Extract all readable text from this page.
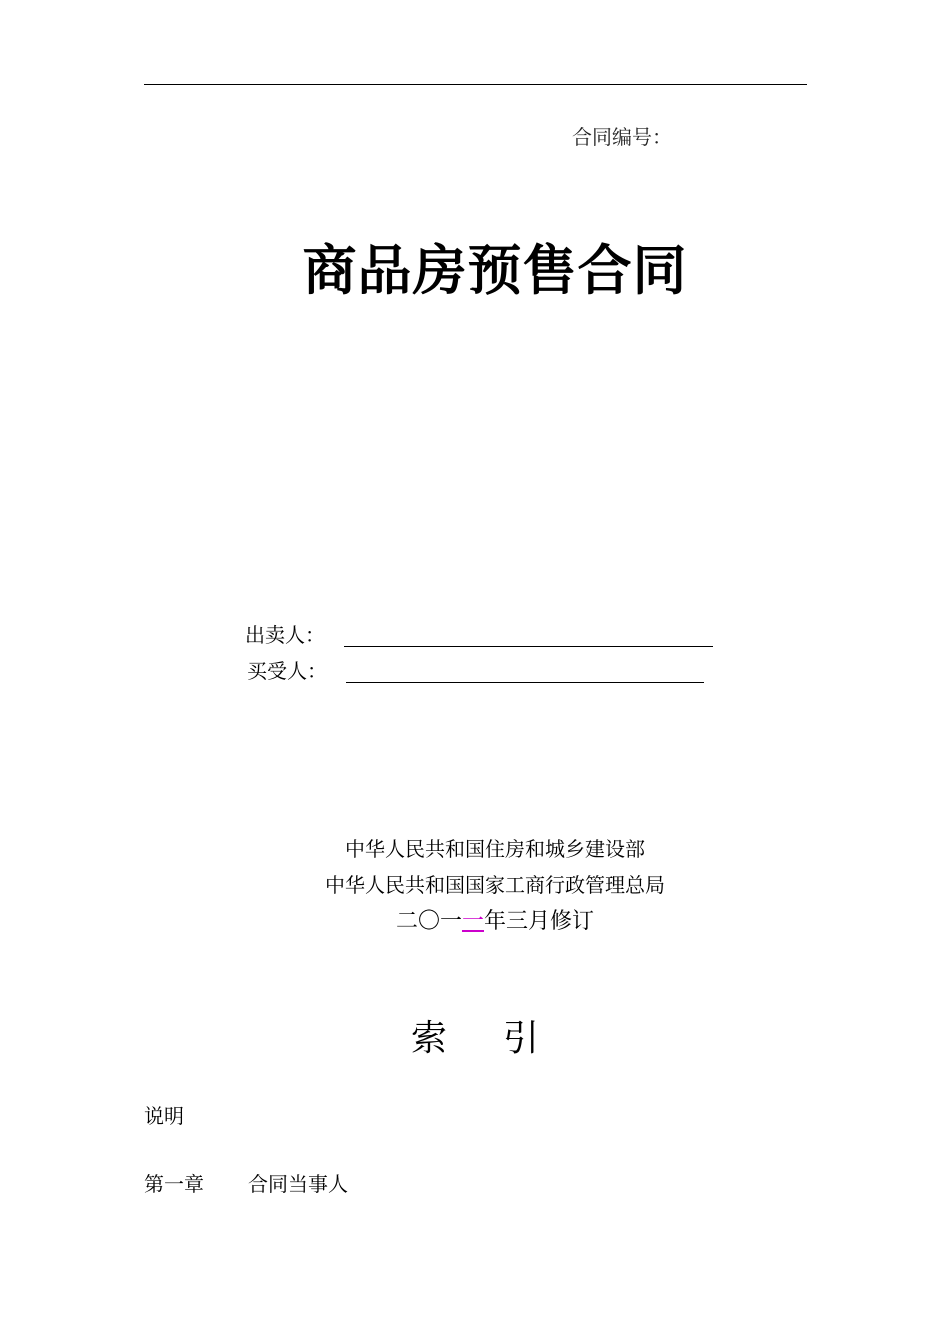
合同编号：
商品房预售合同
出卖人：
买受人：
中华人民共和国住房和城乡建设部
中华人民共和国国家工商行政管理总局
二〇一一年三月修订
索 引
说明
第一章 合同当事人
